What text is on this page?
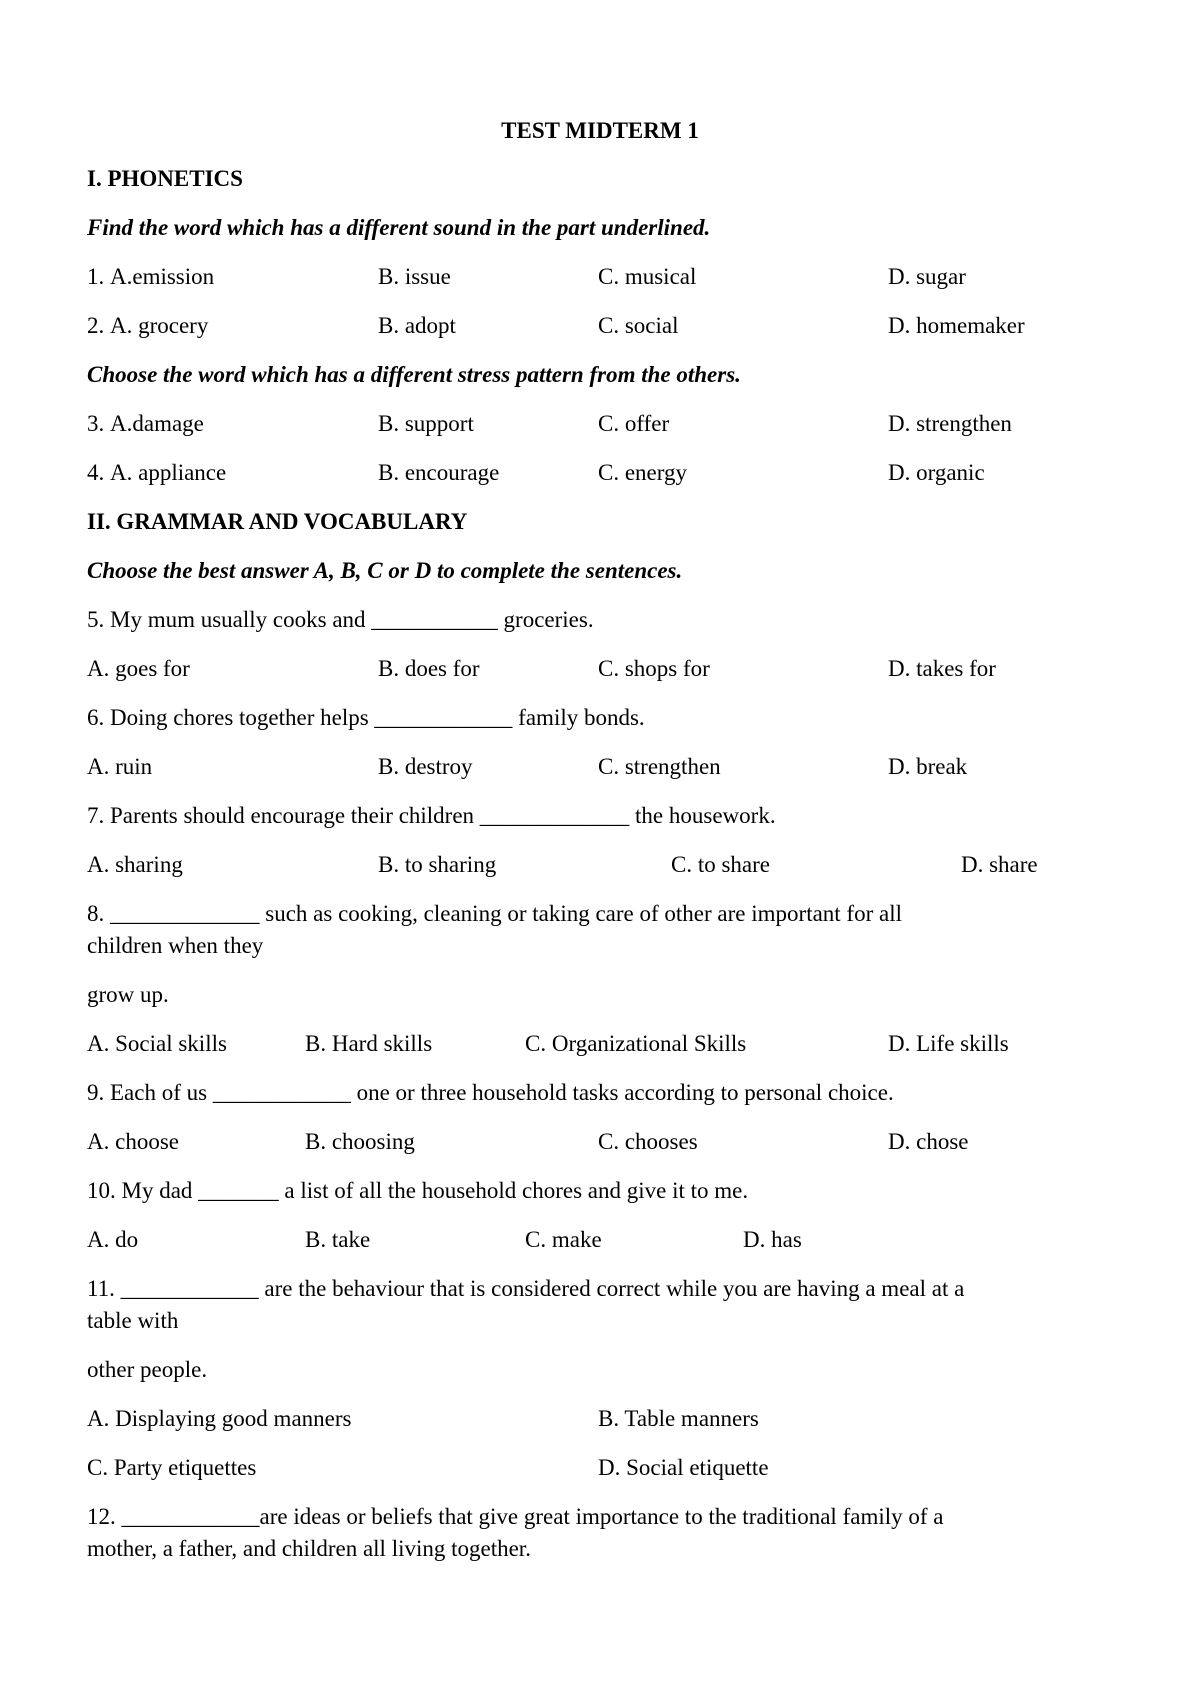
TEST MIDTERM 1
I. PHONETICS
Find the word which has a different sound in the part underlined.
1. A.emission	B. issue	C. musical	D. sugar
2. A. grocery	B. adopt	C. social	D. homemaker
Choose the word which has a different stress pattern from the others.
3. A.damage	B. support	C. offer	D. strengthen
4. A. appliance	B. encourage	C. energy	D. organic
II. GRAMMAR AND VOCABULARY
Choose the best answer A, B, C or D to complete the sentences.
5. My mum usually cooks and ___________ groceries.
A. goes for	B. does for	C. shops for	D. takes for
6. Doing chores together helps ____________ family bonds.
A. ruin	B. destroy	C. strengthen	D. break
7. Parents should encourage their children _____________ the housework.
A. sharing	B. to sharing	C. to share	D. share
8. _____________ such as cooking, cleaning or taking care of other are important for all
children when they
grow up.
A. Social skills	B. Hard skills	C. Organizational Skills	D. Life skills
9. Each of us ____________ one or three household tasks according to personal choice.
A. choose	B. choosing	C. chooses	D. chose
10. My dad _______ a list of all the household chores and give it to me.
A. do	B. take	C. make	D. has
11. ____________ are the behaviour that is considered correct while you are having a meal at a
table with
other people.
A. Displaying good manners	B. Table manners
C. Party etiquettes	D. Social etiquette
12. ____________are ideas or beliefs that give great importance to the traditional family of a
mother, a father, and children all living together.
